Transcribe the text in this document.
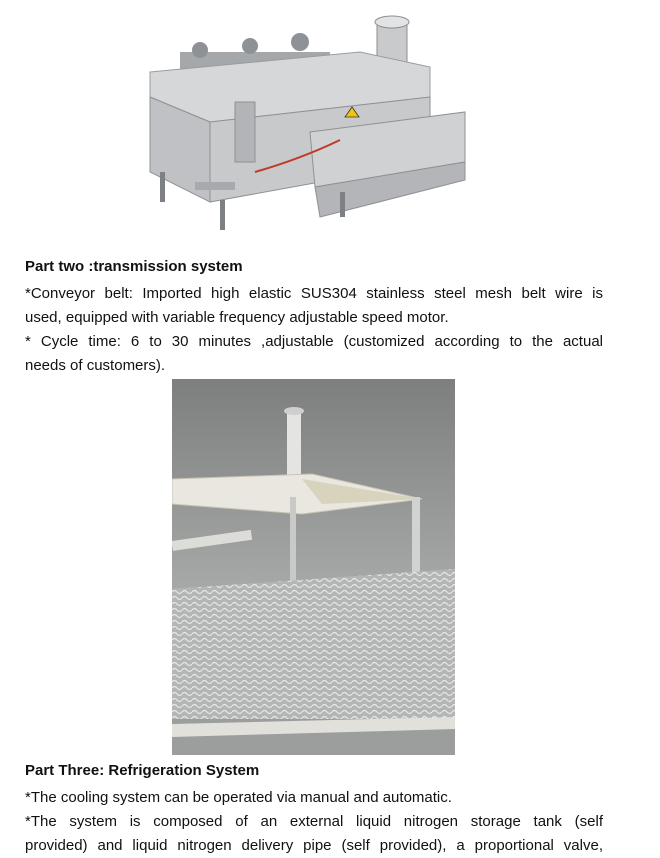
Part two :transmission system
*Conveyor belt: Imported high elastic SUS304 stainless steel mesh belt wire is
used, equipped with variable frequency adjustable speed motor.
* Cycle time: 6 to 30 minutes ,adjustable (customized according to the actual
needs of customers).
Part Three: Refrigeration System
*The cooling system can be operated via manual and automatic.
*The system is composed of an external liquid nitrogen storage tank (self
provided) and liquid nitrogen delivery pipe (self provided), a proportional valve,
